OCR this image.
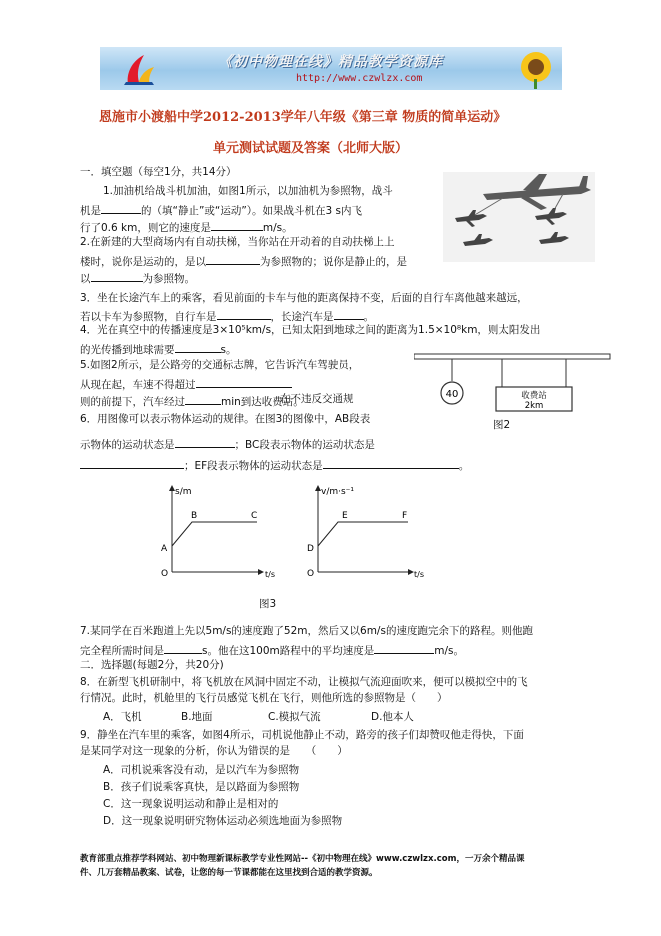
《初中物理在线》精品教学资源库
http://www.czwlzx.com
恩施市小渡船中学2012-2013学年八年级《第三章 物质的简单运动》
单元测试试题及答案（北师大版）
一．填空题（每空1分，共14分）
1.加油机给战斗机加油，如图1所示，以加油机为参照物，战斗
机是	的（填“静止”或“运动”）。如果战斗机在3 s内飞
行了0.6 km，则它的速度是	m/s。
2.在新建的大型商场内有自动扶梯，当你站在开动着的自动扶梯上上
楼时，说你是运动的，是以	为参照物的；说你是静止的，是
以	为参照物。
3．坐在长途汽车上的乘客，看见前面的卡车与他的距离保持不变，后面的自行车离他越来越远，
若以卡车为参照物，自行车是	，长途汽车是	。
4．光在真空中的传播速度是3×10⁵km/s，已知太阳到地球之间的距离为1.5×10⁸km，则太阳发出
的光传播到地球需要	s。
5.如图2所示，是公路旁的交通标志牌，它告诉汽车驾驶员，
从现在起，车速不得超过
在不违反交通规
则的前提下，汽车经过	min到达收费站。
40	收费站
2km
图2
6．用图像可以表示物体运动的规律。在图3的图像中，AB段表
示物体的运动状态是	；BC段表示物体的运动状态是
；EF段表示物体的运动状态是	。
s/m
t/s
O
A
B	C
v/m·s⁻¹
t/s
O
D
E	F
图3
7.某同学在百米跑道上先以5m/s的速度跑了52m，然后又以6m/s的速度跑完余下的路程。则他跑
完全程所需时间是	s。他在这100m路程中的平均速度是	m/s。
二．选择题(每题2分，共20分)
8．在新型飞机研制中，将飞机放在风洞中固定不动，让模拟气流迎面吹来，便可以模拟空中的飞
行情况。此时，机舱里的飞行员感觉飞机在飞行，则他所选的参照物是（　　）
A．飞机	B.地面	C.模拟气流	D.他本人
9．静坐在汽车里的乘客，如图4所示，司机说他静止不动，路旁的孩子们却赞叹他走得快，下面
是某同学对这一现象的分析，你认为错误的是　　（　　）
A．司机说乘客没有动，是以汽车为参照物
B．孩子们说乘客真快，是以路面为参照物
C．这一现象说明运动和静止是相对的
D．这一现象说明研究物体运动必须选地面为参照物
教育部重点推荐学科网站、初中物理新课标教学专业性网站--《初中物理在线》www.czwlzx.com，一万余个精品课
件、几万套精品教案、试卷，让您的每一节课都能在这里找到合适的教学资源。
